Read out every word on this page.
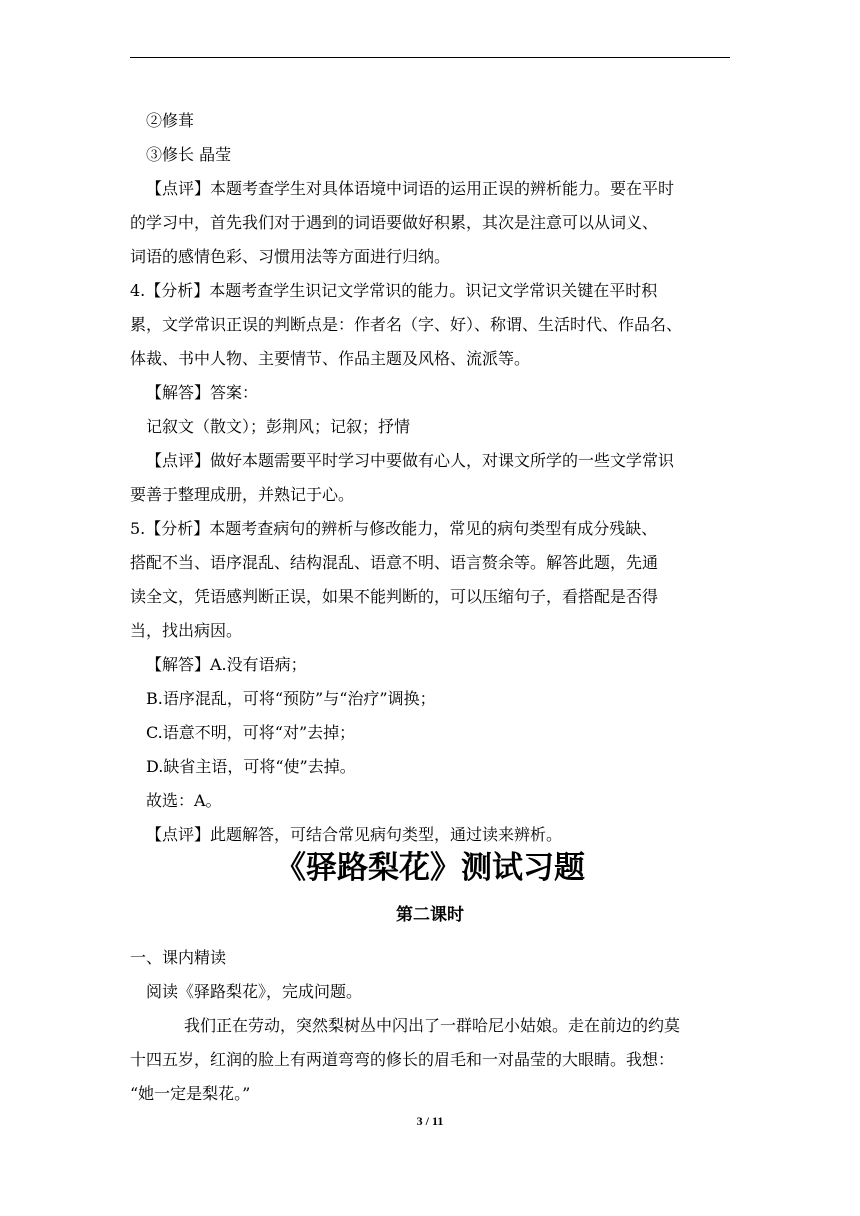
②修葺
③修长 晶莹
【点评】本题考查学生对具体语境中词语的运用正误的辨析能力。要在平时
的学习中，首先我们对于遇到的词语要做好积累，其次是注意可以从词义、
词语的感情色彩、习惯用法等方面进行归纳。
4.【分析】本题考查学生识记文学常识的能力。识记文学常识关键在平时积
累，文学常识正误的判断点是：作者名（字、好）、称谓、生活时代、作品名、
体裁、书中人物、主要情节、作品主题及风格、流派等。
【解答】答案：
记叙文（散文）；彭荆风；记叙；抒情
【点评】做好本题需要平时学习中要做有心人，对课文所学的一些文学常识
要善于整理成册，并熟记于心。
5.【分析】本题考查病句的辨析与修改能力，常见的病句类型有成分残缺、
搭配不当、语序混乱、结构混乱、语意不明、语言赘余等。解答此题，先通
读全文，凭语感判断正误，如果不能判断的，可以压缩句子，看搭配是否得
当，找出病因。
【解答】A.没有语病；
B.语序混乱，可将“预防”与“治疗”调换；
C.语意不明，可将“对”去掉；
D.缺省主语，可将“使”去掉。
故选：A。
【点评】此题解答，可结合常见病句类型，通过读来辨析。
《驿路梨花》测试习题
第二课时
一、课内精读
阅读《驿路梨花》，完成问题。
我们正在劳动，突然梨树丛中闪出了一群哈尼小姑娘。走在前边的约莫
十四五岁，红润的脸上有两道弯弯的修长的眉毛和一对晶莹的大眼睛。我想：
“她一定是梨花。”
3 / 11
